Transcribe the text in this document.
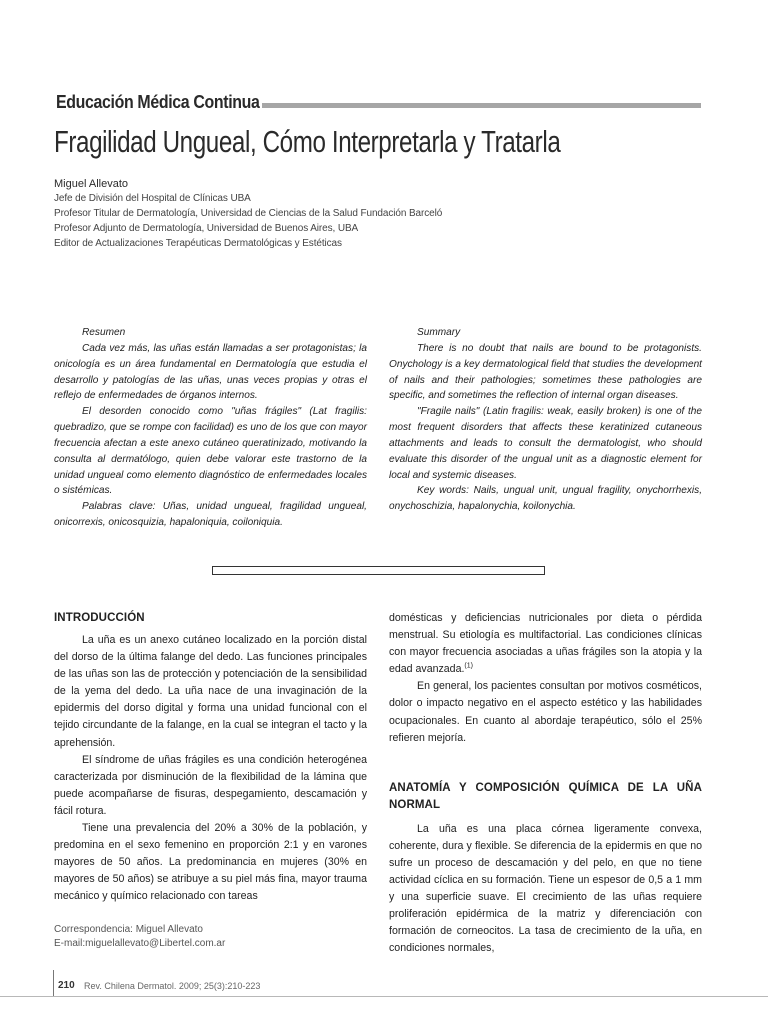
Educación Médica Continua
Fragilidad Ungueal, Cómo Interpretarla y Tratarla
Miguel Allevato
Jefe de División del Hospital de Clínicas UBA
Profesor Titular de Dermatología, Universidad de Ciencias de la Salud Fundación Barceló
Profesor Adjunto de Dermatología, Universidad de Buenos Aires, UBA
Editor de Actualizaciones Terapéuticas Dermatológicas y Estéticas

Resumen

Cada vez más, las uñas están llamadas a ser protagonistas; la onicología es un área fundamental en Dermatología que estudia el desarrollo y patologías de las uñas, unas veces propias y otras el reflejo de enfermedades de órganos internos.

El desorden conocido como "uñas frágiles" (Lat fragilis: quebradizo, que se rompe con facilidad) es uno de los que con mayor frecuencia afectan a este anexo cutáneo queratinizado, motivando la consulta al dermatólogo, quien debe valorar este trastorno de la unidad ungueal como elemento diagnóstico de enfermedades locales o sistémicas.

Palabras clave: Uñas, unidad ungueal, fragilidad ungueal, onicorrexis, onicosquizia, hapaloniquia, coiloniquia.

Summary

There is no doubt that nails are bound to be protagonists. Onychology is a key dermatological field that studies the development of nails and their pathologies; sometimes these pathologies are specific, and sometimes the reflection of internal organ diseases.

"Fragile nails" (Latin fragilis: weak, easily broken) is one of the most frequent disorders that affects these keratinized cutaneous attachments and leads to consult the dermatologist, who should evaluate this disorder of the ungual unit as a diagnostic element for local and systemic diseases.

Key words: Nails, ungual unit, ungual fragility, onychorrhexis, onychoschizia, hapalonychia, koilonychia.

INTRODUCCIÓN

La uña es un anexo cutáneo localizado en la porción distal del dorso de la última falange del dedo. Las funciones principales de las uñas son las de protección y potenciación de la sensibilidad de la yema del dedo. La uña nace de una invaginación de la epidermis del dorso digital y forma una unidad funcional con el tejido circundante de la falange, en la cual se integran el tacto y la aprehensión.

El síndrome de uñas frágiles es una condición heterogénea caracterizada por disminución de la flexibilidad de la lámina que puede acompañarse de fisuras, despegamiento, descamación y fácil rotura.

Tiene una prevalencia del 20% a 30% de la población, y predomina en el sexo femenino en proporción 2:1 y en varones mayores de 50 años. La predominancia en mujeres (30% en mayores de 50 años) se atribuye a su piel más fina, mayor trauma mecánico y químico relacionado con tareas

domésticas y deficiencias nutricionales por dieta o pérdida menstrual. Su etiología es multifactorial. Las condiciones clínicas con mayor frecuencia asociadas a uñas frágiles son la atopia y la edad avanzada.$^{(1)}$

En general, los pacientes consultan por motivos cosméticos, dolor o impacto negativo en el aspecto estético y las habilidades ocupacionales. En cuanto al abordaje terapéutico, sólo el 25% refieren mejoría.

ANATOMÍA Y COMPOSICIÓN QUÍMICA DE LA UÑA NORMAL

La uña es una placa córnea ligeramente convexa, coherente, dura y flexible. Se diferencia de la epidermis en que no sufre un proceso de descamación y del pelo, en que no tiene actividad cíclica en su formación. Tiene un espesor de 0,5 a 1 mm y una superficie suave. El crecimiento de las uñas requiere proliferación epidérmica de la matriz y diferenciación con formación de corneocitos. La tasa de crecimiento de la uña, en condiciones normales,

Correspondencia: Miguel Allevato
E-mail:miguelallevato@Libertel.com.ar
210 Rev. Chilena Dermatol. 2009; 25(3):210-223
